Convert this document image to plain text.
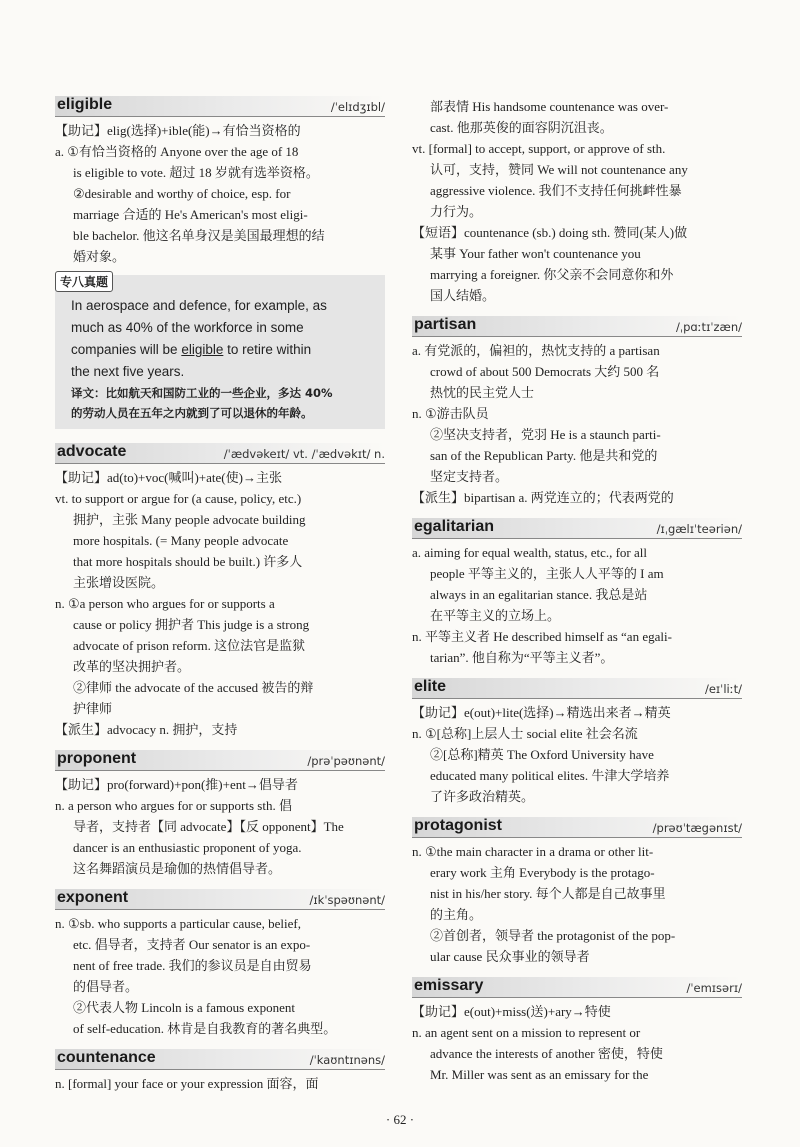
eligible	/ˈelɪdʒɪbl/
【助记】elig(选择)+ible(能)→有恰当资格的
a. ①有恰当资格的 Anyone over the age of 18
is eligible to vote. 超过 18 岁就有选举资格。
②desirable and worthy of choice, esp. for
marriage 合适的 He's American's most eligi-
ble bachelor. 他这名单身汉是美国最理想的结
婚对象。
专八真题
In aerospace and defence, for example, as
much as 40% of the workforce in some
companies will be eligible to retire within
the next five years.
译文：比如航天和国防工业的一些企业，多达 40%
的劳动人员在五年之内就到了可以退休的年龄。
advocate	/ˈædvəkeɪt/ vt. /ˈædvəkɪt/ n.
【助记】ad(to)+voc(喊叫)+ate(使)→主张
vt. to support or argue for (a cause, policy, etc.)
拥护，主张 Many people advocate building
more hospitals. (= Many people advocate
that more hospitals should be built.) 许多人
主张增设医院。
n. ①a person who argues for or supports a
cause or policy 拥护者 This judge is a strong
advocate of prison reform. 这位法官是监狱
改革的坚决拥护者。
②律师 the advocate of the accused 被告的辩
护律师
【派生】advocacy n. 拥护，支持
proponent	/prəˈpəʊnənt/
【助记】pro(forward)+pon(推)+ent→倡导者
n. a person who argues for or supports sth. 倡
导者，支持者【同 advocate】【反 opponent】The
dancer is an enthusiastic proponent of yoga.
这名舞蹈演员是瑜伽的热情倡导者。
exponent	/ɪkˈspəʊnənt/
n. ①sb. who supports a particular cause, belief,
etc. 倡导者，支持者 Our senator is an expo-
nent of free trade. 我们的参议员是自由贸易
的倡导者。
②代表人物 Lincoln is a famous exponent
of self-education. 林肯是自我教育的著名典型。
countenance	/ˈkaʊntɪnəns/
n. [formal] your face or your expression 面容，面
部表情 His handsome countenance was over-
cast. 他那英俊的面容阴沉沮丧。
vt. [formal] to accept, support, or approve of sth.
认可，支持，赞同 We will not countenance any
aggressive violence. 我们不支持任何挑衅性暴
力行为。
【短语】countenance (sb.) doing sth. 赞同(某人)做
某事 Your father won't countenance you
marrying a foreigner. 你父亲不会同意你和外
国人结婚。
partisan	/ˌpɑːtɪˈzæn/
a. 有党派的，偏袒的，热忱支持的 a partisan
crowd of about 500 Democrats 大约 500 名
热忱的民主党人士
n. ①游击队员
②坚决支持者，党羽 He is a staunch parti-
san of the Republican Party. 他是共和党的
坚定支持者。
【派生】bipartisan a. 两党连立的；代表两党的
egalitarian	/ɪˌgælɪˈteəriən/
a. aiming for equal wealth, status, etc., for all
people 平等主义的，主张人人平等的 I am
always in an egalitarian stance. 我总是站
在平等主义的立场上。
n. 平等主义者 He described himself as “an egali-
tarian”. 他自称为“平等主义者”。
elite	/eɪˈliːt/
【助记】e(out)+lite(选择)→精选出来者→精英
n. ①[总称]上层人士 social elite 社会名流
②[总称]精英 The Oxford University have
educated many political elites. 牛津大学培养
了许多政治精英。
protagonist	/prəʊˈtægənɪst/
n. ①the main character in a drama or other lit-
erary work 主角 Everybody is the protago-
nist in his/her story. 每个人都是自己故事里
的主角。
②首创者，领导者 the protagonist of the pop-
ular cause 民众事业的领导者
emissary	/ˈemɪsərɪ/
【助记】e(out)+miss(送)+ary→特使
n. an agent sent on a mission to represent or
advance the interests of another 密使，特使
Mr. Miller was sent as an emissary for the
· 62 ·
